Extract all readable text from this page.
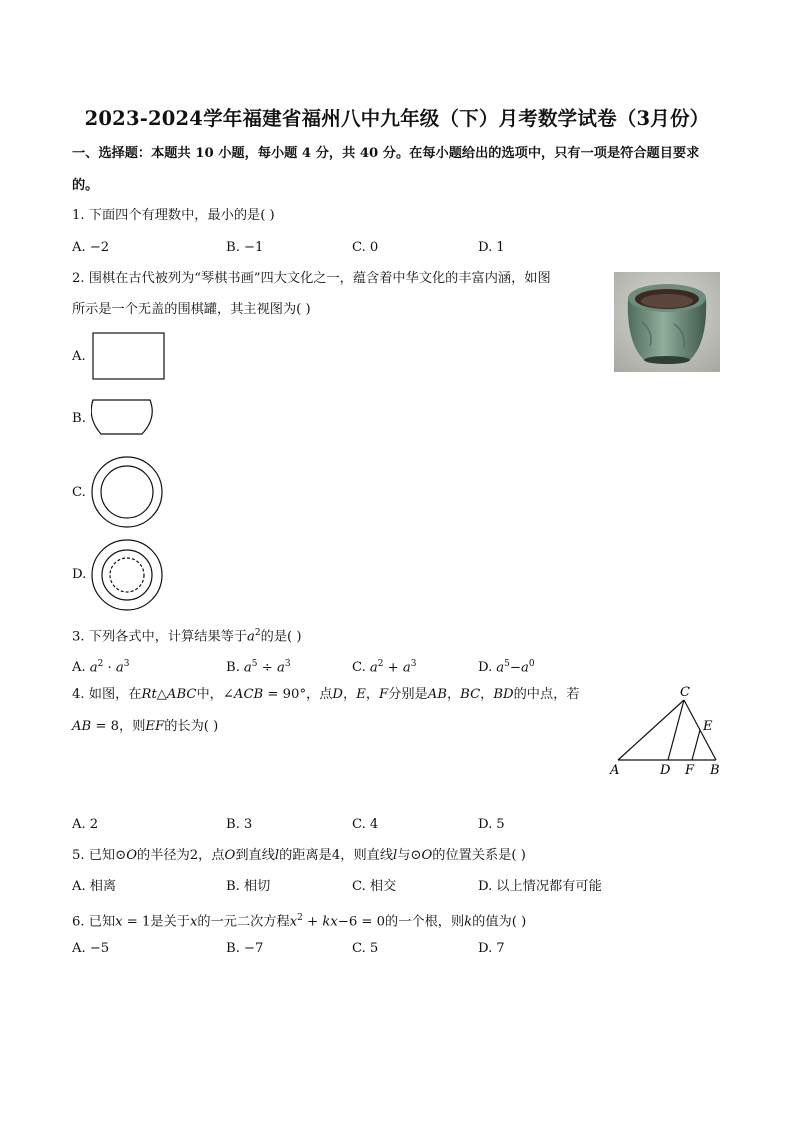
2023-2024学年福建省福州八中九年级（下）月考数学试卷（3月份）
一、选择题：本题共 10 小题，每小题 4 分，共 40 分。在每小题给出的选项中，只有一项是符合题目要求
的。
1. 下面四个有理数中，最小的是( )
A. −2	B. −1	C. 0	D. 1
2. 围棋在古代被列为“琴棋书画”四大文化之一，蕴含着中华文化的丰富内涵，如图
所示是一个无盖的围棋罐，其主视图为( )
A.
B.
C.
D.
3. 下列各式中，计算结果等于$a^2$的是( )
A. $a^2 \cdot a^3$	B. $a^5 \div a^3$	C. $a^2 + a^3$	D. $a^5-a^0$
4. 如图，在Rt△ABC中，∠ACB = 90°，点D，E，F分别是AB，BC，BD的中点，若
AB = 8，则EF的长为( )
C
E
A	D F B
A. 2	B. 3	C. 4	D. 5
5. 已知⊙O的半径为2，点O到直线l的距离是4，则直线l与⊙O的位置关系是( )
A. 相离	B. 相切	C. 相交	D. 以上情况都有可能
6. 已知x = 1是关于x的一元二次方程$x^2 + kx-6 = 0$的一个根，则k的值为( )
A. −5	B. −7	C. 5	D. 7
